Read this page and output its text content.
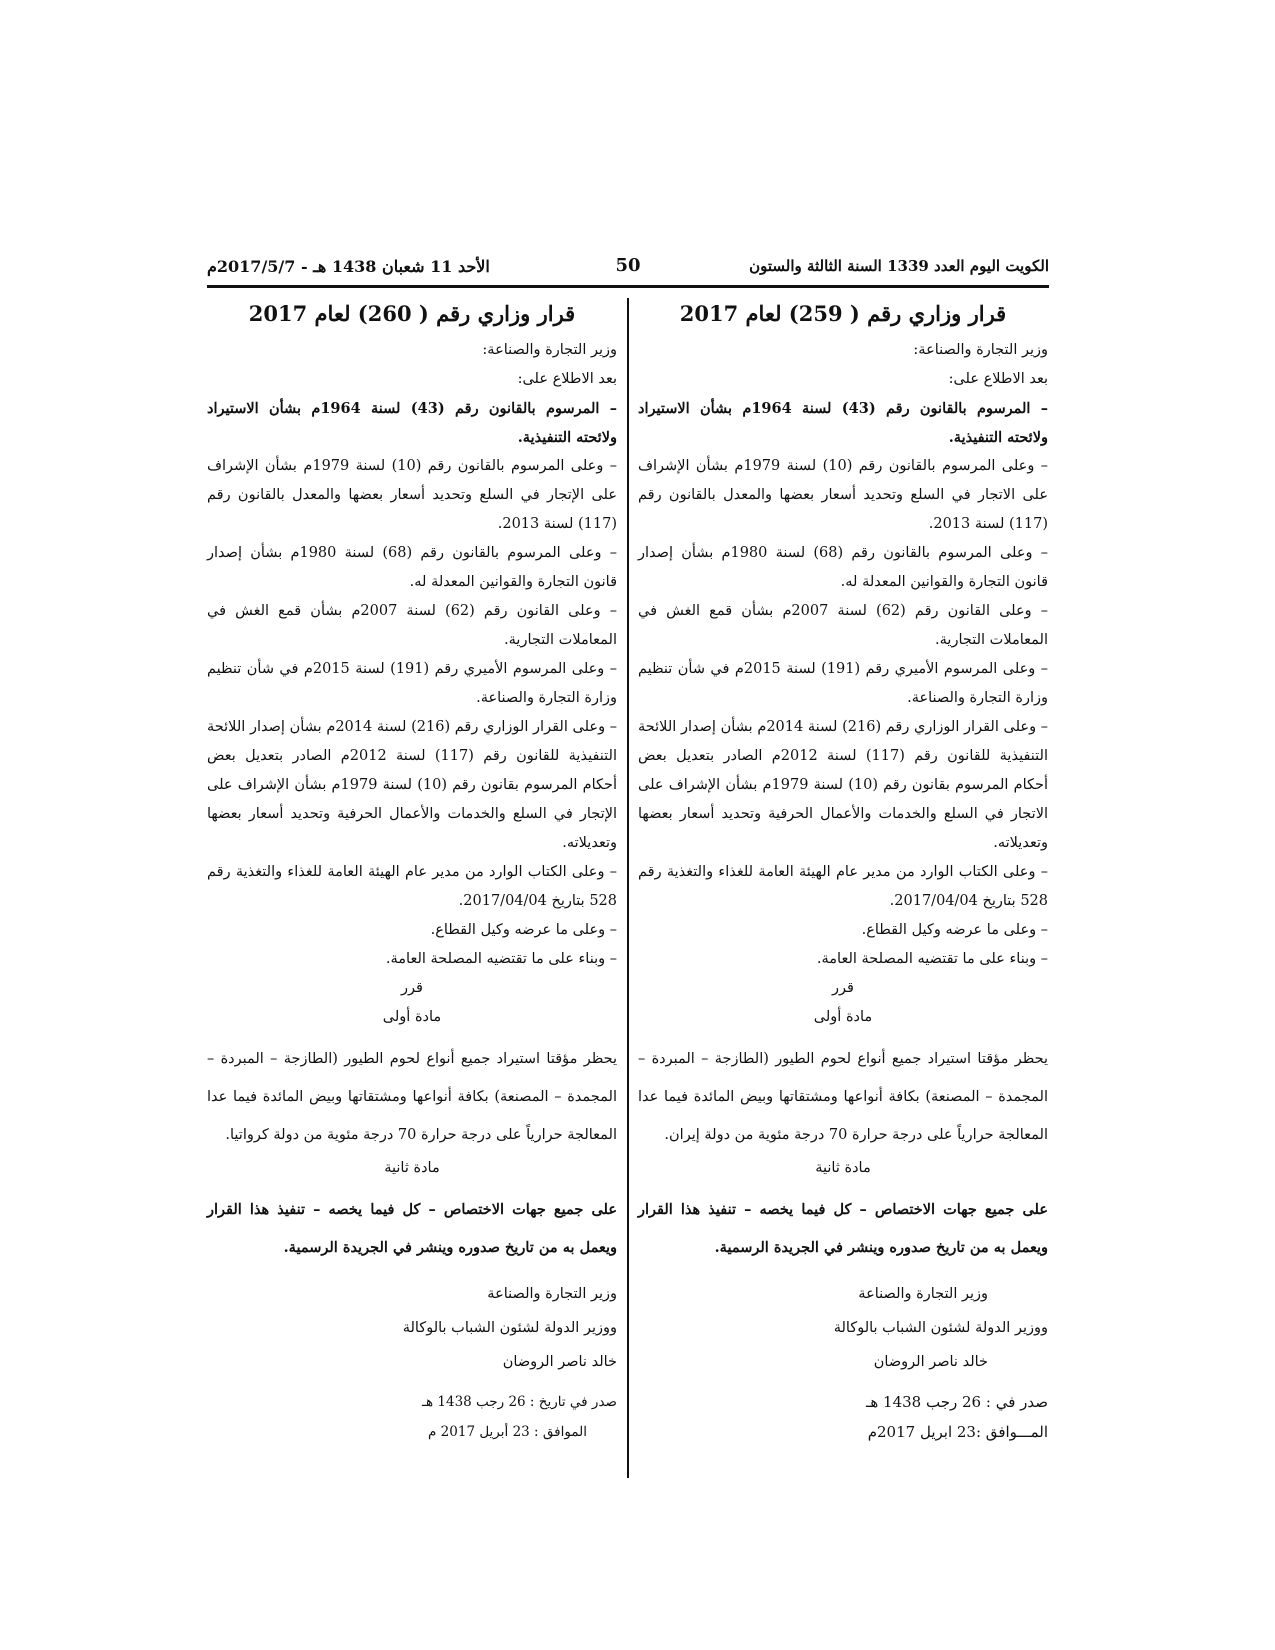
الكويت اليوم العدد 1339 السنة الثالثة والستون
50
الأحد 11 شعبان 1438 هـ - 2017/5/7م
قرار وزاري رقم ( 259) لعام 2017

وزير التجارة والصناعة:

بعد الاطلاع على:

– المرسوم بالقانون رقم (43) لسنة 1964م بشأن الاستيراد ولائحته التنفيذية.

– وعلى المرسوم بالقانون رقم (10) لسنة 1979م بشأن الإشراف على الاتجار في السلع وتحديد أسعار بعضها والمعدل بالقانون رقم (117) لسنة 2013.

– وعلى المرسوم بالقانون رقم (68) لسنة 1980م بشأن إصدار قانون التجارة والقوانين المعدلة له.

– وعلى القانون رقم (62) لسنة 2007م بشأن قمع الغش في المعاملات التجارية.

– وعلى المرسوم الأميري رقم (191) لسنة 2015م في شأن تنظيم وزارة التجارة والصناعة.

– وعلى القرار الوزاري رقم (216) لسنة 2014م بشأن إصدار اللائحة التنفيذية للقانون رقم (117) لسنة 2012م الصادر بتعديل بعض أحكام المرسوم بقانون رقم (10) لسنة 1979م بشأن الإشراف على الاتجار في السلع والخدمات والأعمال الحرفية وتحديد أسعار بعضها وتعديلاته.

– وعلى الكتاب الوارد من مدير عام الهيئة العامة للغذاء والتغذية رقم 528 بتاريخ 2017/04/04.

– وعلى ما عرضه وكيل القطاع.

– وبناء على ما تقتضيه المصلحة العامة.

قرر

مادة أولى

يحظر مؤقتا استيراد جميع أنواع لحوم الطيور (الطازجة – المبردة – المجمدة – المصنعة) بكافة أنواعها ومشتقاتها وبيض المائدة فيما عدا المعالجة حرارياً على درجة حرارة 70 درجة مئوية من دولة إيران.

مادة ثانية

على جميع جهات الاختصاص – كل فيما يخصه – تنفيذ هذا القرار ويعمل به من تاريخ صدوره وينشر في الجريدة الرسمية.

وزير التجارة والصناعة

ووزير الدولة لشئون الشباب بالوكالة

خالد ناصر الروضان

صدر في : 26 رجب 1438 هـ

المـــوافق :23 ابريل 2017م

قرار وزاري رقم ( 260) لعام 2017

وزير التجارة والصناعة:

بعد الاطلاع على:

– المرسوم بالقانون رقم (43) لسنة 1964م بشأن الاستيراد ولائحته التنفيذية.

– وعلى المرسوم بالقانون رقم (10) لسنة 1979م بشأن الإشراف على الإتجار في السلع وتحديد أسعار بعضها والمعدل بالقانون رقم (117) لسنة 2013.

– وعلى المرسوم بالقانون رقم (68) لسنة 1980م بشأن إصدار قانون التجارة والقوانين المعدلة له.

– وعلى القانون رقم (62) لسنة 2007م بشأن قمع الغش في المعاملات التجارية.

– وعلى المرسوم الأميري رقم (191) لسنة 2015م في شأن تنظيم وزارة التجارة والصناعة.

– وعلى القرار الوزاري رقم (216) لسنة 2014م بشأن إصدار اللائحة التنفيذية للقانون رقم (117) لسنة 2012م الصادر بتعديل بعض أحكام المرسوم بقانون رقم (10) لسنة 1979م بشأن الإشراف على الإتجار في السلع والخدمات والأعمال الحرفية وتحديد أسعار بعضها وتعديلاته.

– وعلى الكتاب الوارد من مدير عام الهيئة العامة للغذاء والتغذية رقم 528 بتاريخ 2017/04/04.

– وعلى ما عرضه وكيل القطاع.

– وبناء على ما تقتضيه المصلحة العامة.

قرر

مادة أولى

يحظر مؤقتا استيراد جميع أنواع لحوم الطيور (الطازجة – المبردة – المجمدة – المصنعة) بكافة أنواعها ومشتقاتها وبيض المائدة فيما عدا المعالجة حرارياً على درجة حرارة 70 درجة مئوية من دولة كرواتيا.

مادة ثانية

على جميع جهات الاختصاص – كل فيما يخصه – تنفيذ هذا القرار ويعمل به من تاريخ صدوره وينشر في الجريدة الرسمية.

وزير التجارة والصناعة

ووزير الدولة لشئون الشباب بالوكالة

خالد ناصر الروضان

صدر في تاريخ : 26 رجب 1438 هـ

الموافق : 23 أبريل 2017 م
